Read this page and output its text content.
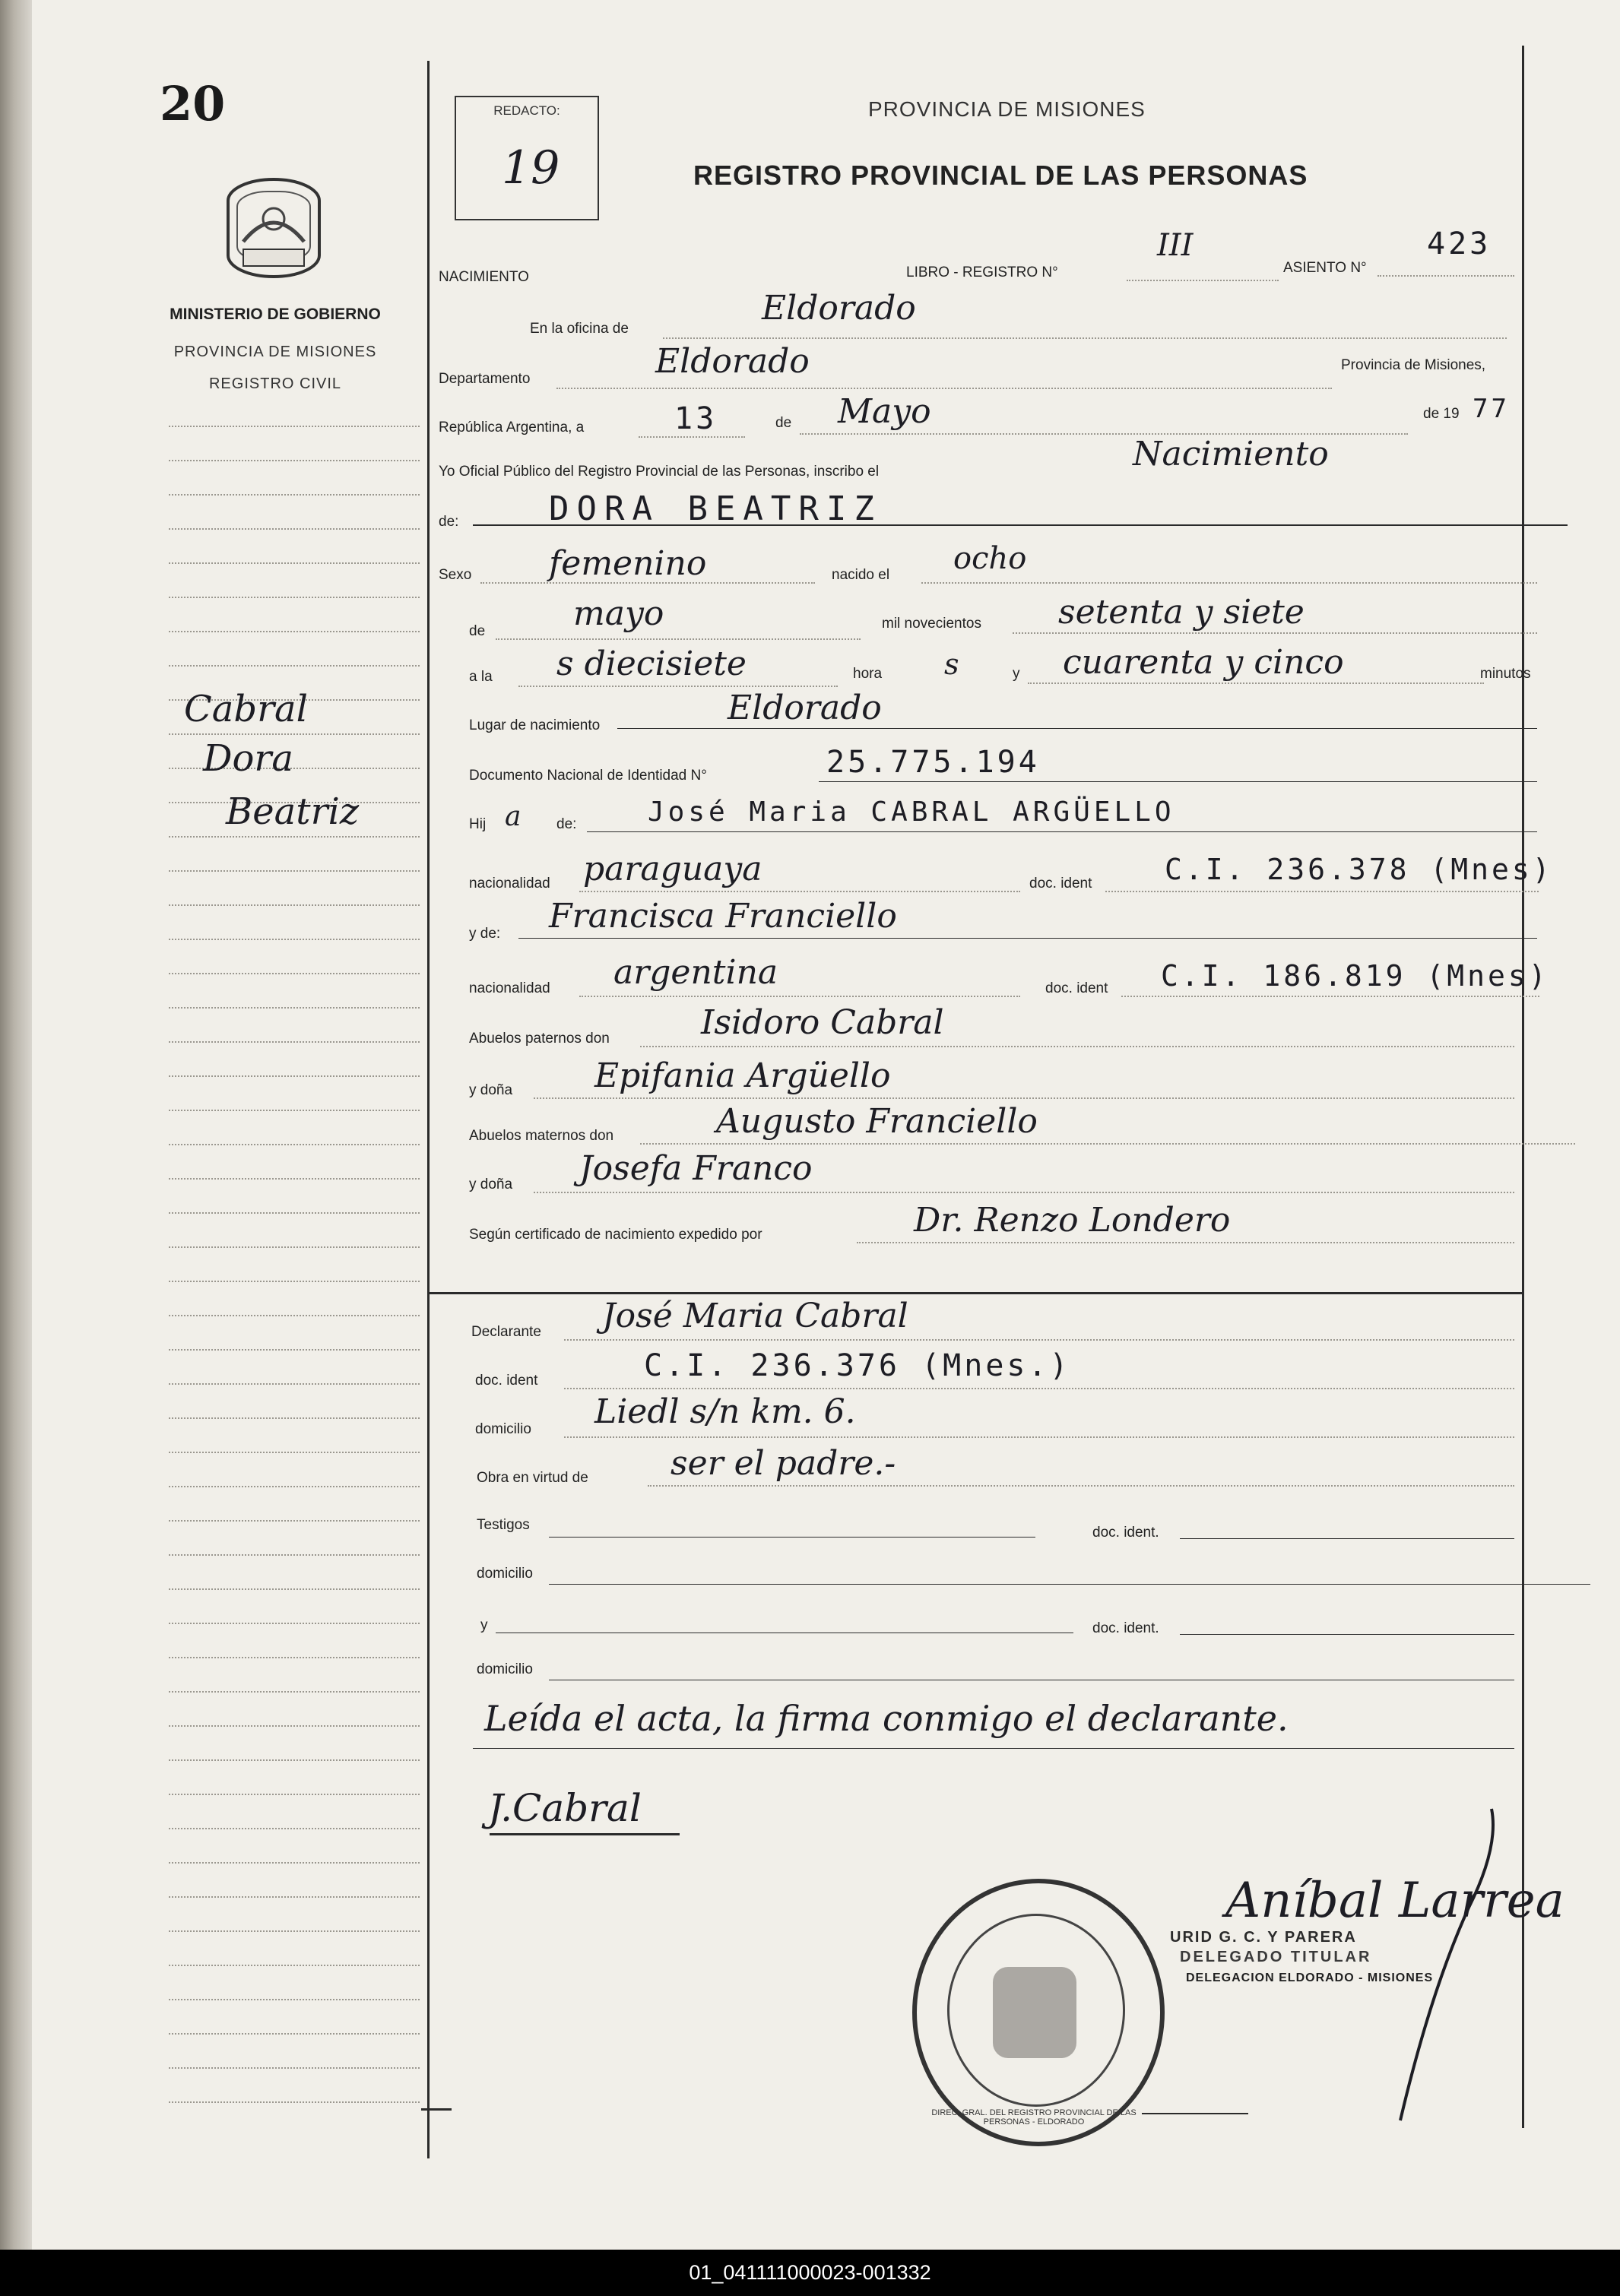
20
MINISTERIO DE GOBIERNO
PROVINCIA DE MISIONES
REGISTRO CIVIL
Cabral
Dora
Beatriz
REDACTO:
19
PROVINCIA DE MISIONES
REGISTRO PROVINCIAL DE LAS PERSONAS
NACIMIENTO	LIBRO - REGISTRO N°
III
ASIENTO N°
423
En la oficina de
Eldorado
Departamento	Eldorado	Provincia de Misiones,
República Argentina, a	13	de Mayo	de 19 77
Yo Oficial Público del Registro Provincial de las Personas, inscribo el	Nacimiento
de:	DORA BEATRIZ
Sexo femenino	nacido el ocho
de	mayo	mil novecientos setenta y siete
a la s diecisiete	hora s	y cuarenta y cinco	minutos
Lugar de nacimiento	Eldorado
Documento Nacional de Identidad N°	25.775.194
Hij a de:	José Maria CABRAL ARGÜELLO
nacionalidad paraguaya	doc. ident	C.I. 236.378 (Mnes)
y de: Francisca Franciello
nacionalidad argentina	doc. ident C.I. 186.819 (Mnes)
Abuelos paternos don	Isidoro Cabral
y doña Epifania Argüello
Abuelos maternos don	Augusto Franciello
y doña Josefa Franco
Según certificado de nacimiento expedido por	Dr. Renzo Londero
Declarante José Maria Cabral
doc. ident	C.I. 236.376 (Mnes.)
domicilio Liedl s/n km. 6.
Obra en virtud de ser el padre.-
Testigos	doc. ident.
domicilio
y	doc. ident.
domicilio
Leída el acta, la firma conmigo el declarante.
J.Cabral
DIREC. GRAL. DEL REGISTRO PROVINCIAL DE LAS PERSONAS - ELDORADO
URID G. C. Y PARERA
DELEGADO TITULAR
DELEGACION ELDORADO - MISIONES
Aníbal Larrea
01_041111000023-001332
